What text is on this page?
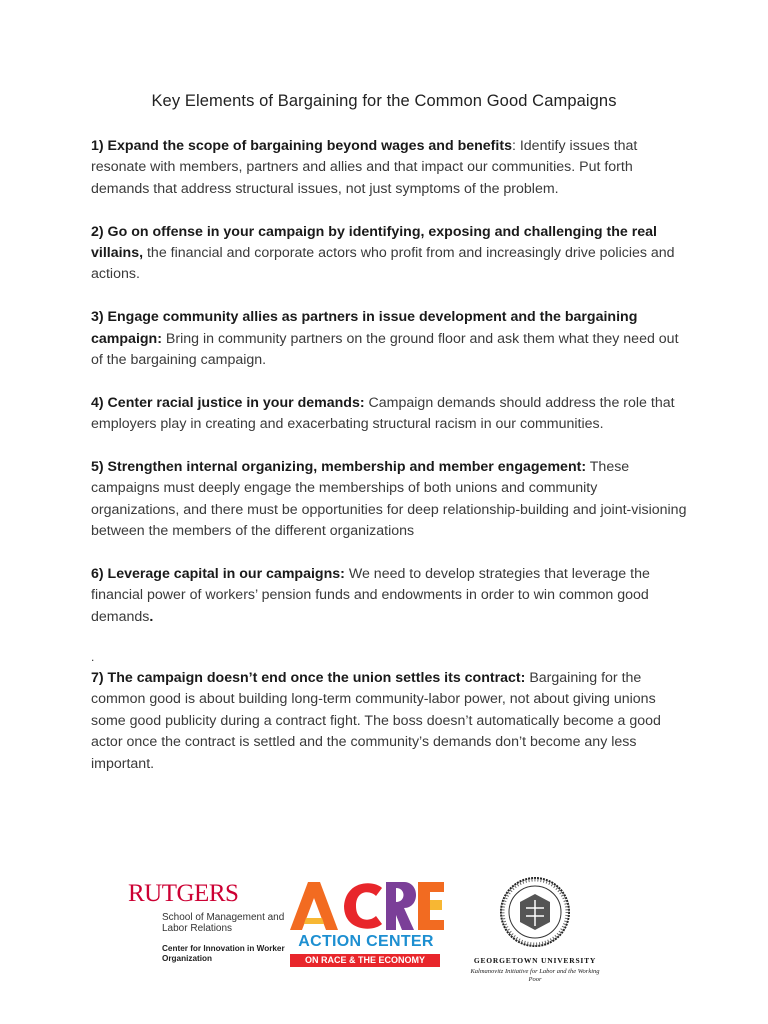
Key Elements of Bargaining for the Common Good Campaigns

1) Expand the scope of bargaining beyond wages and benefits: Identify issues that resonate with members, partners and allies and that impact our communities. Put forth demands that address structural issues, not just symptoms of the problem.

2) Go on offense in your campaign by identifying, exposing and challenging the real villains, the financial and corporate actors who profit from and increasingly drive policies and actions.

3) Engage community allies as partners in issue development and the bargaining campaign: Bring in community partners on the ground floor and ask them what they need out of the bargaining campaign.

4) Center racial justice in your demands: Campaign demands should address the role that employers play in creating and exacerbating structural racism in our communities.

5) Strengthen internal organizing, membership and member engagement: These campaigns must deeply engage the memberships of both unions and community organizations, and there must be opportunities for deep relationship-building and joint-visioning between the members of the different organizations

6) Leverage capital in our campaigns: We need to develop strategies that leverage the financial power of workers’ pension funds and endowments in order to win common good demands.

.

7) The campaign doesn’t end once the union settles its contract: Bargaining for the common good is about building long-term community-labor power, not about giving unions some good publicity during a contract fight. The boss doesn’t automatically become a good actor once the contract is settled and the community’s demands don’t become any less important.

RUTGERS
School of Management and Labor Relations
Center for Innovation in Worker Organization
ACTION CENTER
ON RACE & THE ECONOMY	GEORGETOWN UNIVERSITY
Kalmanovitz Initiative for Labor and the Working Poor
